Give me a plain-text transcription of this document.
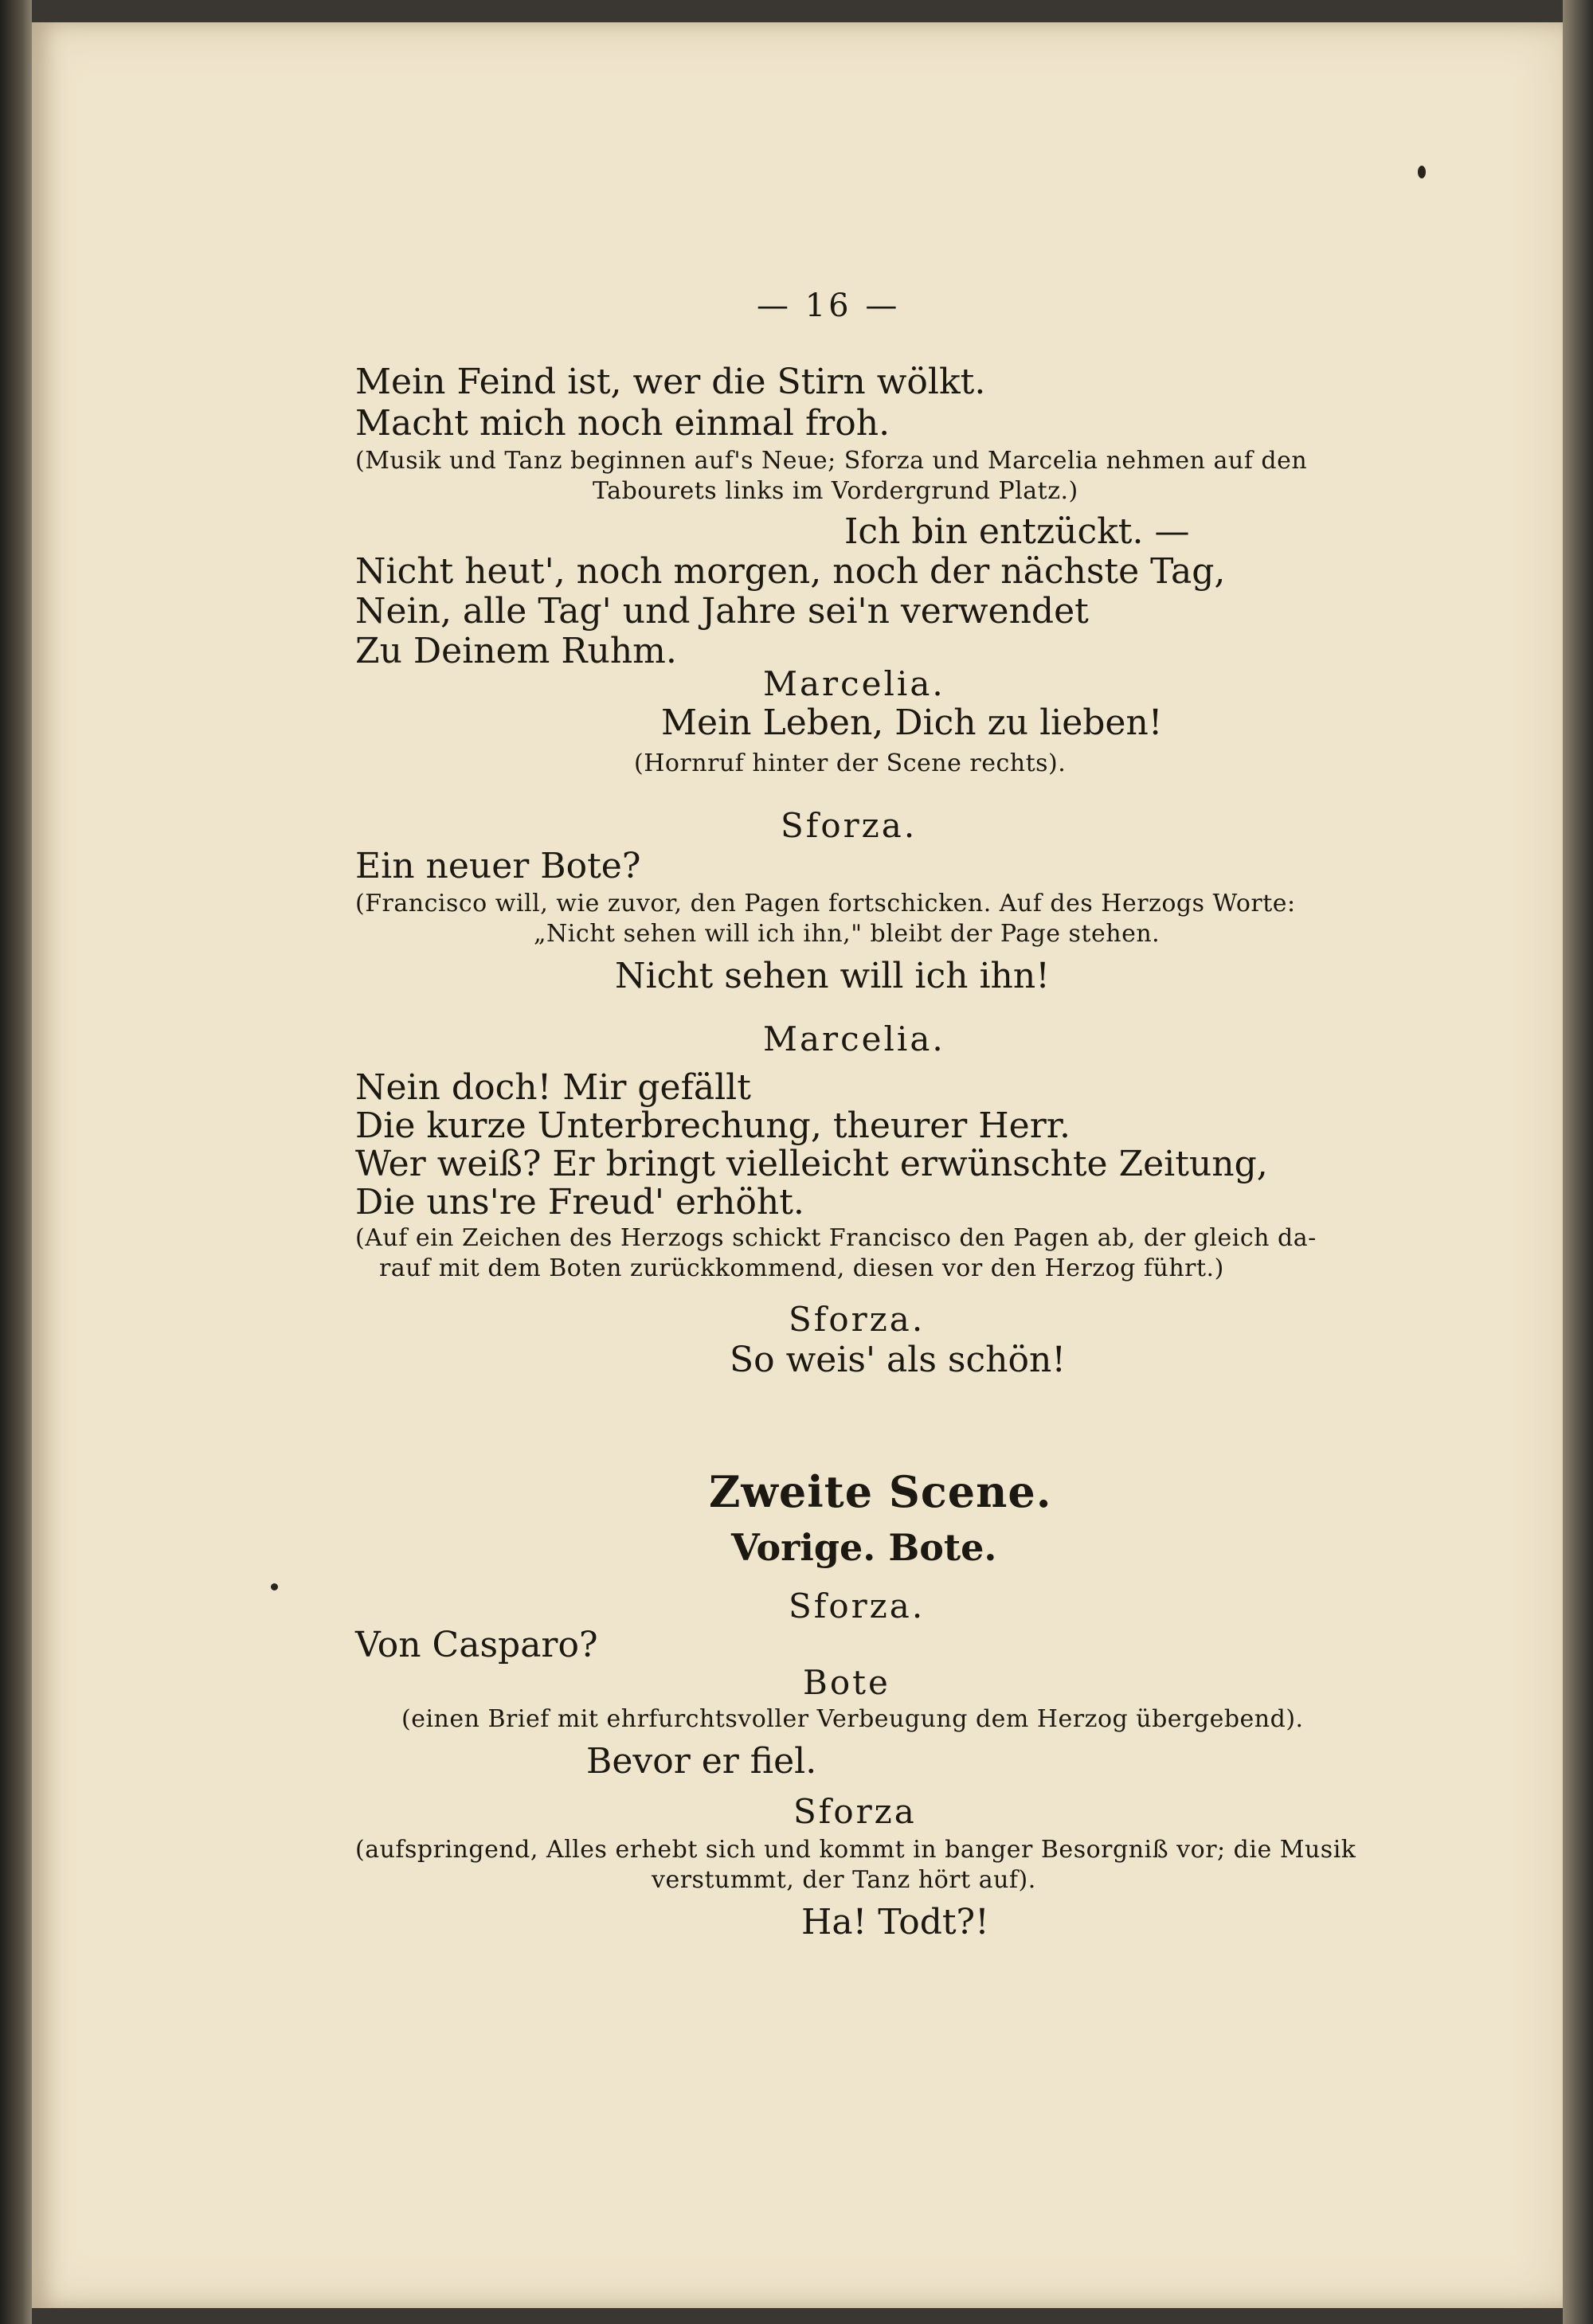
— 16 —
Mein Feind ist, wer die Stirn wölkt.
Macht mich noch einmal froh.
(Musik und Tanz beginnen auf's Neue; Sforza und Marcelia nehmen auf den
Tabourets links im Vordergrund Platz.)
Ich bin entzückt. —
Nicht heut', noch morgen, noch der nächste Tag,
Nein, alle Tag' und Jahre sei'n verwendet
Zu Deinem Ruhm.
Marcelia.
Mein Leben, Dich zu lieben!
(Hornruf hinter der Scene rechts).
Sforza.
Ein neuer Bote?
(Francisco will, wie zuvor, den Pagen fortschicken. Auf des Herzogs Worte:
„Nicht sehen will ich ihn," bleibt der Page stehen.
Nicht sehen will ich ihn!
Marcelia.
Nein doch! Mir gefällt
Die kurze Unterbrechung, theurer Herr.
Wer weiß? Er bringt vielleicht erwünschte Zeitung,
Die uns're Freud' erhöht.
(Auf ein Zeichen des Herzogs schickt Francisco den Pagen ab, der gleich da-
rauf mit dem Boten zurückkommend, diesen vor den Herzog führt.)
Sforza.
So weis' als schön!
Zweite Scene.
Vorige. Bote.
Sforza.
Von Casparo?
Bote
(einen Brief mit ehrfurchtsvoller Verbeugung dem Herzog übergebend).
Bevor er fiel.
Sforza
(aufspringend, Alles erhebt sich und kommt in banger Besorgniß vor; die Musik
verstummt, der Tanz hört auf).
Ha! Todt?!
